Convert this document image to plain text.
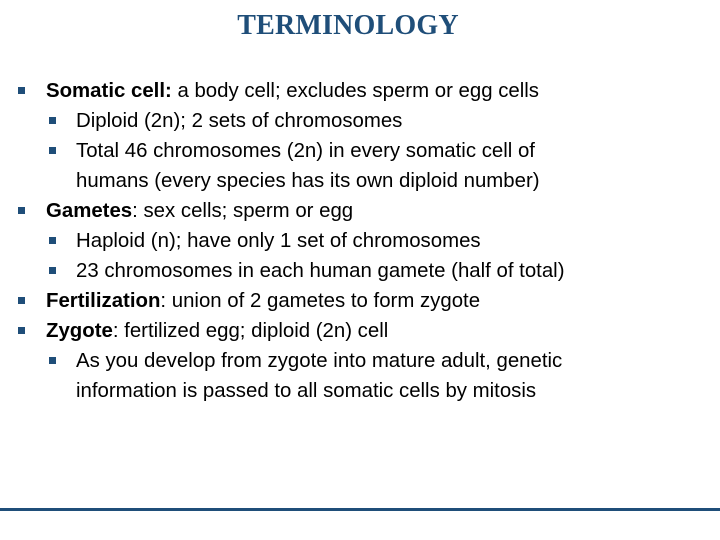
TERMINOLOGY
Somatic cell: a body cell; excludes sperm or egg cells
Diploid (2n); 2 sets of chromosomes
Total 46 chromosomes (2n) in every somatic cell of
humans (every species has its own diploid number)
Gametes: sex cells; sperm or egg
Haploid (n); have only 1 set of chromosomes
23 chromosomes in each human gamete (half of total)
Fertilization: union of 2 gametes to form zygote
Zygote: fertilized egg; diploid (2n) cell
As you develop from zygote into mature adult, genetic
information is passed to all somatic cells by mitosis
